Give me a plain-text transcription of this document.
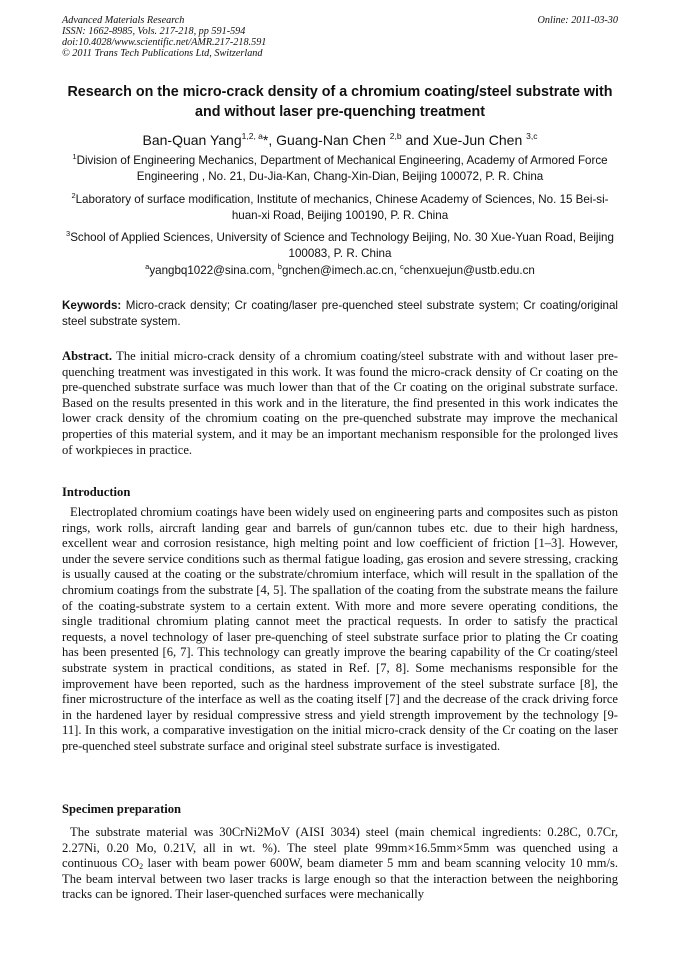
Advanced Materials Research
ISSN: 1662-8985, Vols. 217-218, pp 591-594
doi:10.4028/www.scientific.net/AMR.217-218.591
© 2011 Trans Tech Publications Ltd, Switzerland
Online: 2011-03-30
Research on the micro-crack density of a chromium coating/steel substrate with and without laser pre-quenching treatment
Ban-Quan Yang$^{1,2, a}$*, Guang-Nan Chen $^{2,b}$ and Xue-Jun Chen $^{3,c}$
$^1$Division of Engineering Mechanics, Department of Mechanical Engineering, Academy of Armored Force Engineering , No. 21, Du-Jia-Kan, Chang-Xin-Dian, Beijing 100072, P. R. China
$^2$Laboratory of surface modification, Institute of mechanics, Chinese Academy of Sciences, No. 15 Bei-si-huan-xi Road, Beijing 100190, P. R. China
$^3$School of Applied Sciences, University of Science and Technology Beijing, No. 30 Xue-Yuan Road, Beijing 100083, P. R. China
$^a$yangbq1022@sina.com, $^b$gnchen@imech.ac.cn, $^c$chenxuejun@ustb.edu.cn
Keywords: Micro-crack density; Cr coating/laser pre-quenched steel substrate system; Cr coating/original steel substrate system.
Abstract. The initial micro-crack density of a chromium coating/steel substrate with and without laser pre-quenching treatment was investigated in this work. It was found the micro-crack density of Cr coating on the pre-quenched substrate surface was much lower than that of the Cr coating on the original substrate surface. Based on the results presented in this work and in the literature, the find presented in this work indicates the lower crack density of the chromium coating on the pre-quenched substrate may improve the mechanical properties of this material system, and it may be an important mechanism responsible for the prolonged lives of workpieces in practice.
Introduction
Electroplated chromium coatings have been widely used on engineering parts and composites such as piston rings, work rolls, aircraft landing gear and barrels of gun/cannon tubes etc. due to their high hardness, excellent wear and corrosion resistance, high melting point and low coefficient of friction [1–3]. However, under the severe service conditions such as thermal fatigue loading, gas erosion and severe stressing, cracking is usually caused at the coating or the substrate/chromium interface, which will result in the spallation of the chromium coatings from the substrate [4, 5]. The spallation of the coating from the substrate means the failure of the coating-substrate system to a certain extent. With more and more severe operating conditions, the single traditional chromium plating cannot meet the practical requests. In order to satisfy the practical requests, a novel technology of laser pre-quenching of steel substrate surface prior to plating the Cr coating has been presented [6, 7]. This technology can greatly improve the bearing capability of the Cr coating/steel substrate system in practical conditions, as stated in Ref. [7, 8]. Some mechanisms responsible for the improvement have been reported, such as the hardness improvement of the steel substrate surface [8], the finer microstructure of the interface as well as the coating itself [7] and the decrease of the crack driving force in the hardened layer by residual compressive stress and yield strength improvement by the technology [9-11]. In this work, a comparative investigation on the initial micro-crack density of the Cr coating on the laser pre-quenched steel substrate surface and original steel substrate surface is investigated.
Specimen preparation
The substrate material was 30CrNi2MoV (AISI 3034) steel (main chemical ingredients: 0.28C, 0.7Cr, 2.27Ni, 0.20 Mo, 0.21V, all in wt. %). The steel plate 99mm×16.5mm×5mm was quenched using a continuous $CO_2$ laser with beam power 600W, beam diameter 5 mm and beam scanning velocity 10 mm/s. The beam interval between two laser tracks is large enough so that the interaction between the neighboring tracks can be ignored. Their laser-quenched surfaces were mechanically
